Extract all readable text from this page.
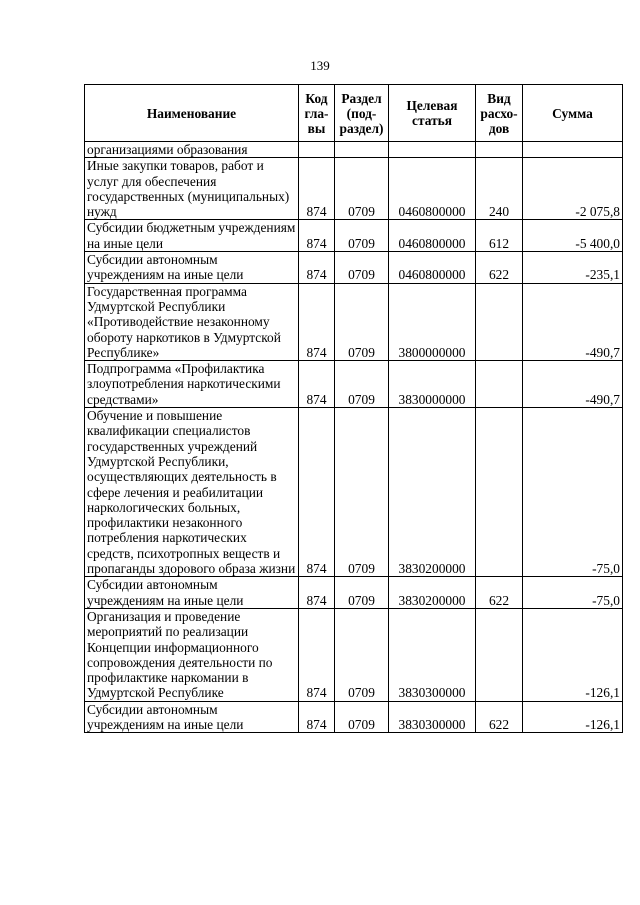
139
Наименование	Код гла-вы	Раздел (под-раздел)	Целевая статья	Вид расхо-дов	Сумма
организациями образования					
Иные закупки товаров, работ и услуг для обеспечения государственных (муниципальных) нужд	874	0709	0460800000	240	-2 075,8
Субсидии бюджетным учреждениям на иные цели	874	0709	0460800000	612	-5 400,0
Субсидии автономным учреждениям на иные цели	874	0709	0460800000	622	-235,1
Государственная программа Удмуртской Республики «Противодействие незаконному обороту наркотиков в Удмуртской Республике»	874	0709	3800000000		-490,7
Подпрограмма «Профилактика злоупотребления наркотическими средствами»	874	0709	3830000000		-490,7
Обучение и повышение квалификации специалистов государственных учреждений Удмуртской Республики, осуществляющих деятельность в сфере лечения и реабилитации наркологических больных, профилактики незаконного потребления наркотических средств, психотропных веществ и пропаганды здорового образа жизни	874	0709	3830200000		-75,0
Субсидии автономным учреждениям на иные цели	874	0709	3830200000	622	-75,0
Организация и проведение мероприятий по реализации Концепции информационного сопровождения деятельности по профилактике наркомании в Удмуртской Республике	874	0709	3830300000		-126,1
Субсидии автономным учреждениям на иные цели	874	0709	3830300000	622	-126,1
